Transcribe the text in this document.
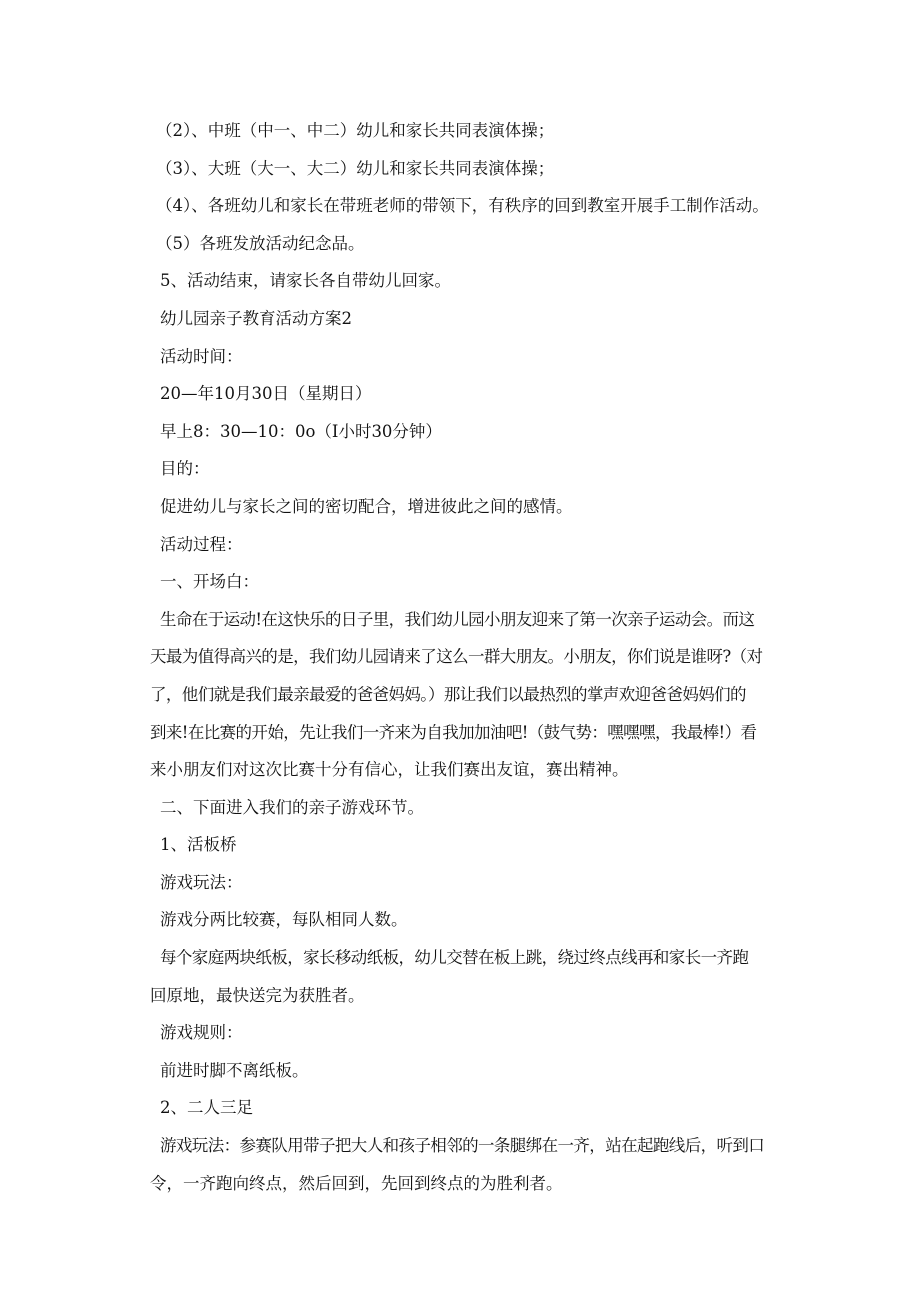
（2）、中班（中一、中二）幼儿和家长共同表演体操；
（3）、大班（大一、大二）幼儿和家长共同表演体操；
（4）、各班幼儿和家长在带班老师的带领下，有秩序的回到教室开展手工制作活动。
（5）各班发放活动纪念品。
5、活动结束，请家长各自带幼儿回家。
幼儿园亲子教育活动方案2
活动时间：
20—年10月30日（星期日）
早上8：30—10：0o（I小时30分钟）
目的：
促进幼儿与家长之间的密切配合，增进彼此之间的感情。
活动过程：
一、开场白：
生命在于运动!在这快乐的日子里，我们幼儿园小朋友迎来了第一次亲子运动会。而这
天最为值得高兴的是，我们幼儿园请来了这么一群大朋友。小朋友，你们说是谁呀?（对
了，他们就是我们最亲最爱的爸爸妈妈。）那让我们以最热烈的掌声欢迎爸爸妈妈们的
到来!在比赛的开始，先让我们一齐来为自我加加油吧!（鼓气势：嘿嘿嘿，我最棒!）看
来小朋友们对这次比赛十分有信心，让我们赛出友谊，赛出精神。
二、下面进入我们的亲子游戏环节。
1、活板桥
游戏玩法：
游戏分两比较赛，每队相同人数。
每个家庭两块纸板，家长移动纸板，幼儿交替在板上跳，绕过终点线再和家长一齐跑
回原地，最快送完为获胜者。
游戏规则：
前进时脚不离纸板。
2、二人三足
游戏玩法：参赛队用带子把大人和孩子相邻的一条腿绑在一齐，站在起跑线后，听到口
令，一齐跑向终点，然后回到，先回到终点的为胜利者。
